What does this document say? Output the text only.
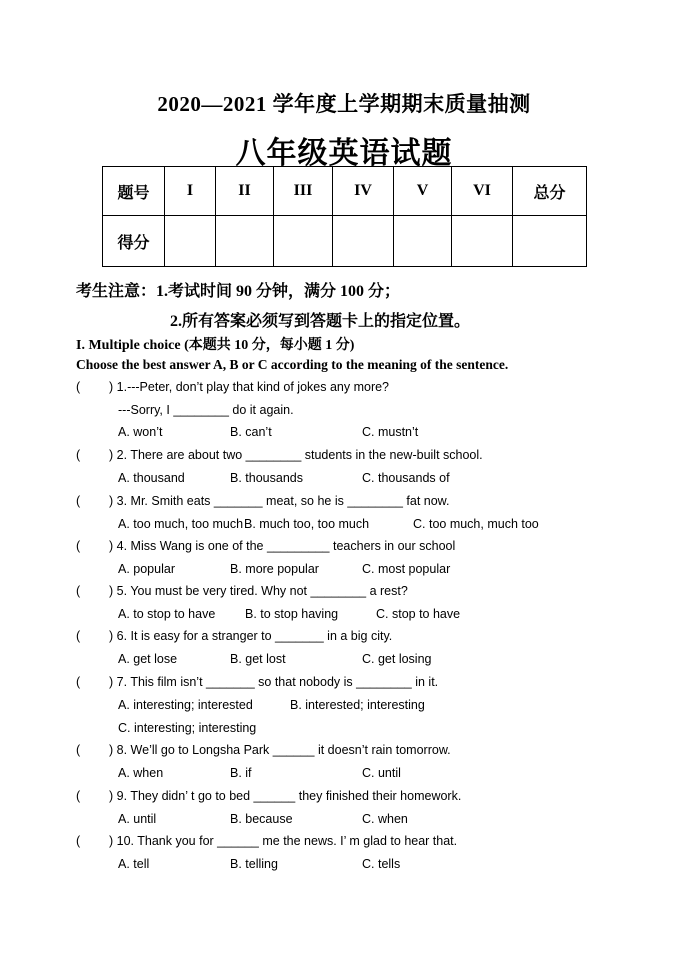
2020—2021 学年度上学期期末质量抽测
八年级英语试题
题号	I	II	III	IV	V	VI	总分
得分							
考生注意：1.考试时间 90 分钟，满分 100 分；
2.所有答案必须写到答题卡上的指定位置。
I. Multiple choice (本题共 10 分，每小题 1 分)
Choose the best answer A, B or C according to the meaning of the sentence.
( ) 1.---Peter, don’t play that kind of jokes any more?
---Sorry, I ________ do it again.
A. won’t	B. can’t	C. mustn’t
( ) 2. There are about two ________ students in the new-built school.
A. thousand	B. thousands	C. thousands of
( ) 3. Mr. Smith eats _______ meat, so he is ________ fat now.
A. too much, too much B. much too, too much	C. too much, much too
( ) 4. Miss Wang is one of the _________ teachers in our school
A. popular	B. more popular	C. most popular
( ) 5. You must be very tired. Why not ________ a rest?
A. to stop to have B. to stop having	C. stop to have
( ) 6. It is easy for a stranger to _______ in a big city.
A. get lose	B. get lost	C. get losing
( ) 7. This film isn’t _______ so that nobody is ________ in it.
A. interesting; interested	B. interested; interesting
C. interesting; interesting
( ) 8. We’ll go to Longsha Park ______ it doesn’t rain tomorrow.
A. when	B. if	C. until
( ) 9. They didn’ t go to bed ______ they finished their homework.
A. until	B. because	C. when
( ) 10. Thank you for ______ me the news. I’ m glad to hear that.
A. tell	B. telling	C. tells
